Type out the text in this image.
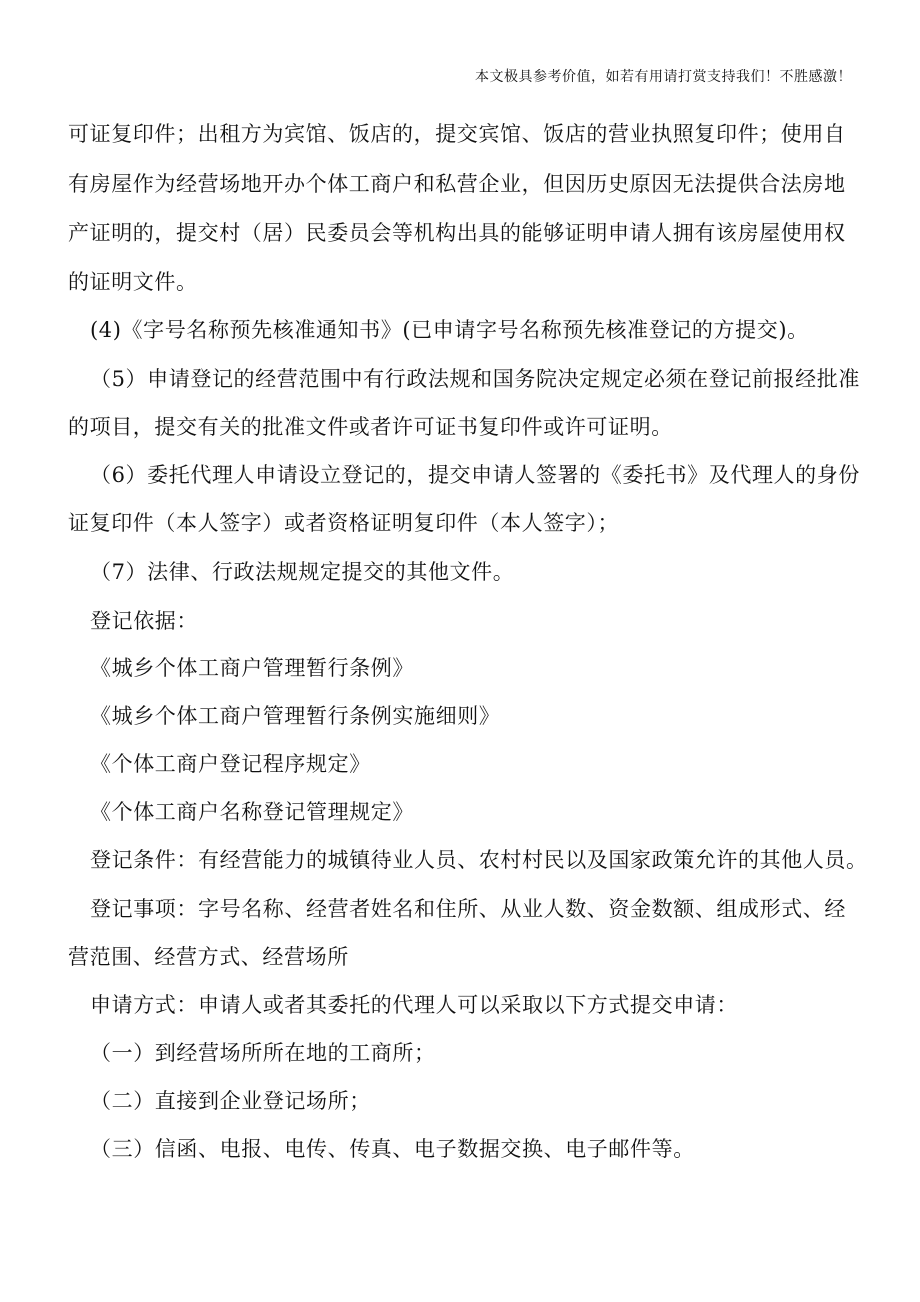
本文极具参考价值，如若有用请打赏支持我们！不胜感激！
可证复印件；出租方为宾馆、饭店的，提交宾馆、饭店的营业执照复印件；使用自
有房屋作为经营场地开办个体工商户和私营企业，但因历史原因无法提供合法房地
产证明的，提交村（居）民委员会等机构出具的能够证明申请人拥有该房屋使用权
的证明文件。
(4)《字号名称预先核准通知书》(已申请字号名称预先核准登记的方提交)。
（5）申请登记的经营范围中有行政法规和国务院决定规定必须在登记前报经批准
的项目，提交有关的批准文件或者许可证书复印件或许可证明。
（6）委托代理人申请设立登记的，提交申请人签署的《委托书》及代理人的身份
证复印件（本人签字）或者资格证明复印件（本人签字）；
（7）法律、行政法规规定提交的其他文件。
登记依据：
《城乡个体工商户管理暂行条例》
《城乡个体工商户管理暂行条例实施细则》
《个体工商户登记程序规定》
《个体工商户名称登记管理规定》
登记条件：有经营能力的城镇待业人员、农村村民以及国家政策允许的其他人员。
登记事项：字号名称、经营者姓名和住所、从业人数、资金数额、组成形式、经
营范围、经营方式、经营场所
申请方式：申请人或者其委托的代理人可以采取以下方式提交申请：
（一）到经营场所所在地的工商所；
（二）直接到企业登记场所；
（三）信函、电报、电传、传真、电子数据交换、电子邮件等。
